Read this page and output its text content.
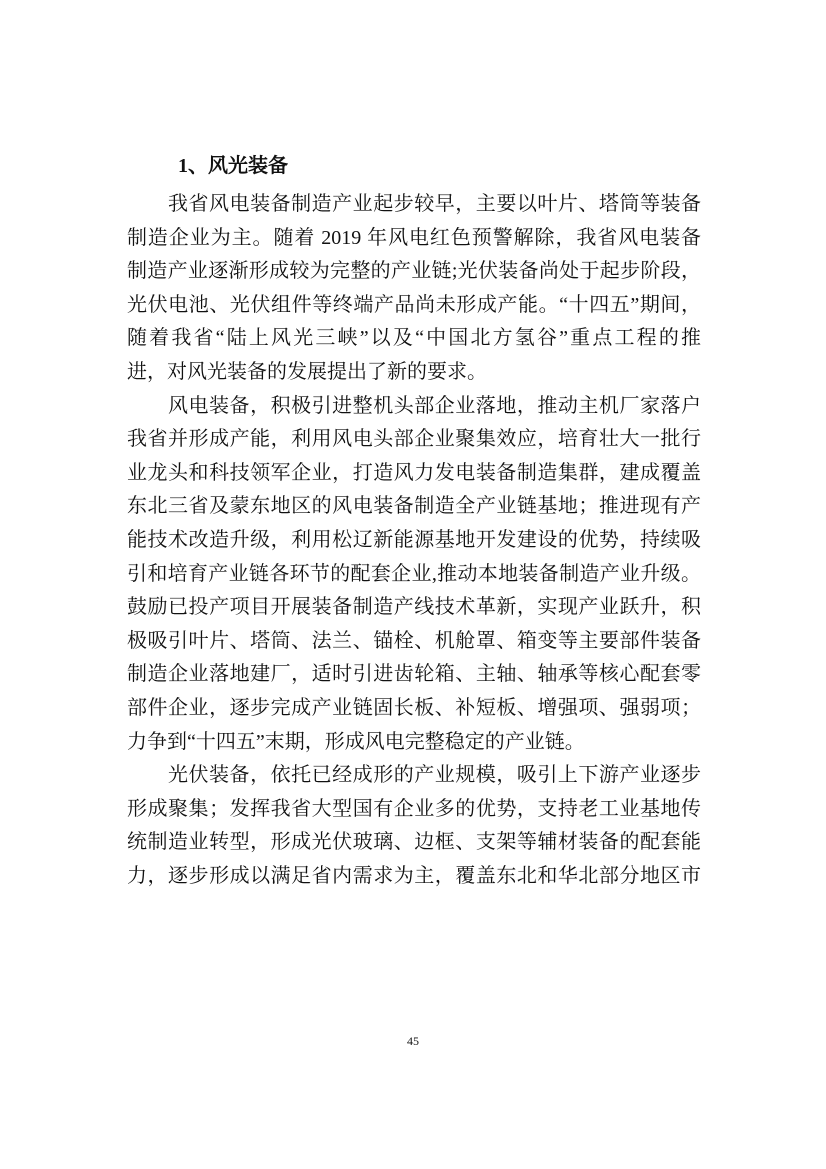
1、风光装备
我省风电装备制造产业起步较早，主要以叶片、塔筒等装备
制造企业为主。随着 2019 年风电红色预警解除，我省风电装备
制造产业逐渐形成较为完整的产业链;光伏装备尚处于起步阶段，
光伏电池、光伏组件等终端产品尚未形成产能。“十四五”期间，
随着我省“陆上风光三峡”以及“中国北方氢谷”重点工程的推
进，对风光装备的发展提出了新的要求。
风电装备，积极引进整机头部企业落地，推动主机厂家落户
我省并形成产能，利用风电头部企业聚集效应，培育壮大一批行
业龙头和科技领军企业，打造风力发电装备制造集群，建成覆盖
东北三省及蒙东地区的风电装备制造全产业链基地；推进现有产
能技术改造升级，利用松辽新能源基地开发建设的优势，持续吸
引和培育产业链各环节的配套企业,推动本地装备制造产业升级。
鼓励已投产项目开展装备制造产线技术革新，实现产业跃升，积
极吸引叶片、塔筒、法兰、锚栓、机舱罩、箱变等主要部件装备
制造企业落地建厂，适时引进齿轮箱、主轴、轴承等核心配套零
部件企业，逐步完成产业链固长板、补短板、增强项、强弱项；
力争到“十四五”末期，形成风电完整稳定的产业链。
光伏装备，依托已经成形的产业规模，吸引上下游产业逐步
形成聚集；发挥我省大型国有企业多的优势，支持老工业基地传
统制造业转型，形成光伏玻璃、边框、支架等辅材装备的配套能
力，逐步形成以满足省内需求为主，覆盖东北和华北部分地区市
45
